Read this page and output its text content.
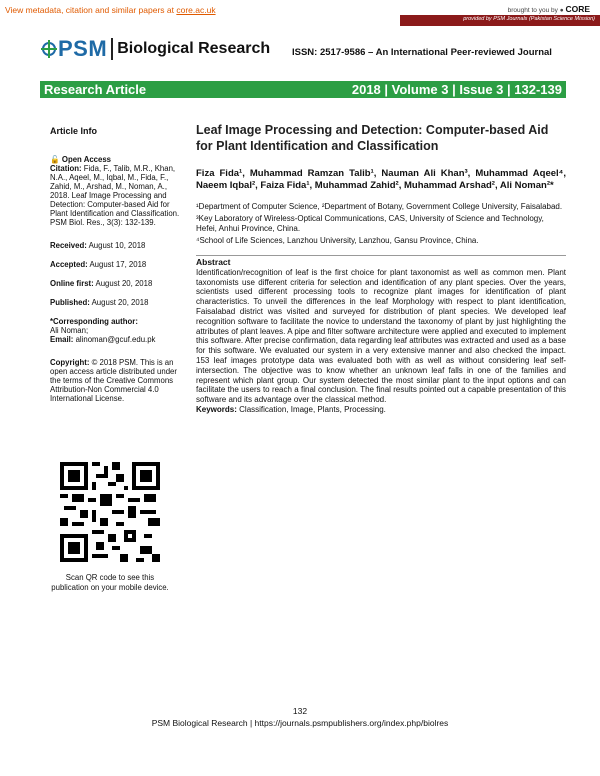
View metadata, citation and similar papers at core.ac.uk	brought to you by ● CORE
provided by PSM Journals (Pakistan Science Mission)
PSM Biological Research ISSN: 2517-9586 – An International Peer-reviewed Journal
Research Article	2018 | Volume 3 | Issue 3 | 132-139
Article Info
🔓 Open Access
Citation: Fida, F., Talib, M.R., Khan, N.A., Aqeel, M., Iqbal, M., Fida, F., Zahid, M., Arshad, M., Noman, A., 2018. Leaf Image Processing and Detection: Computer-based Aid for Plant Identification and Classification. PSM Biol. Res., 3(3): 132-139.
Received: August 10, 2018
Accepted: August 17, 2018
Online first: August 20, 2018
Published: August 20, 2018
*Corresponding author:
Ali Noman;
Email: alinoman@gcuf.edu.pk
Copyright: © 2018 PSM. This is an open access article distributed under the terms of the Creative Commons Attribution-Non Commercial 4.0 International License.
Scan QR code to see this publication on your mobile device.
Leaf Image Processing and Detection: Computer-based Aid for Plant Identification and Classification
Fiza Fida¹, Muhammad Ramzan Talib¹, Nauman Ali Khan³, Muhammad Aqeel⁴, Naeem Iqbal², Faiza Fida¹, Muhammad Zahid², Muhammad Arshad², Ali Noman²*

¹Department of Computer Science, ²Department of Botany, Government College University, Faisalabad.

³Key Laboratory of Wireless-Optical Communications, CAS, University of Science and Technology, Hefei, Anhui Province, China.

⁴School of Life Sciences, Lanzhou University, Lanzhou, Gansu Province, China.

Abstract
Identification/recognition of leaf is the first choice for plant taxonomist as well as common men. Plant taxonomists use different criteria for selection and identification of any plant species. Over the years, scientists used different processing tools to recognize plant images for identification of plant characteristics. To unveil the differences in the leaf Morphology with respect to plant identification, Faisalabad district was visited and surveyed for distribution of plant species. We developed leaf recognition software to facilitate the novice to understand the taxonomy of plant by just highlighting the attributes of plant leaves. A pipe and filter software architecture were applied and executed to implement this software. After precise confirmation, data regarding leaf attributes was extracted and used as a base for this software. We evaluated our system in a very extensive manner and also checked the impact. 153 leaf images prototype data was evaluated both with as well as without considering leaf self-intersection. The objective was to know whether an unknown leaf falls in one of the families and represent which plant group. Our system detected the most similar plant to the input options and can facilitate the users to reach a final conclusion. The final results pointed out a capable presentation of this software and its advantage over the classical method.
Keywords: Classification, Image, Plants, Processing.
132
PSM Biological Research | https://journals.psmpublishers.org/index.php/biolres
